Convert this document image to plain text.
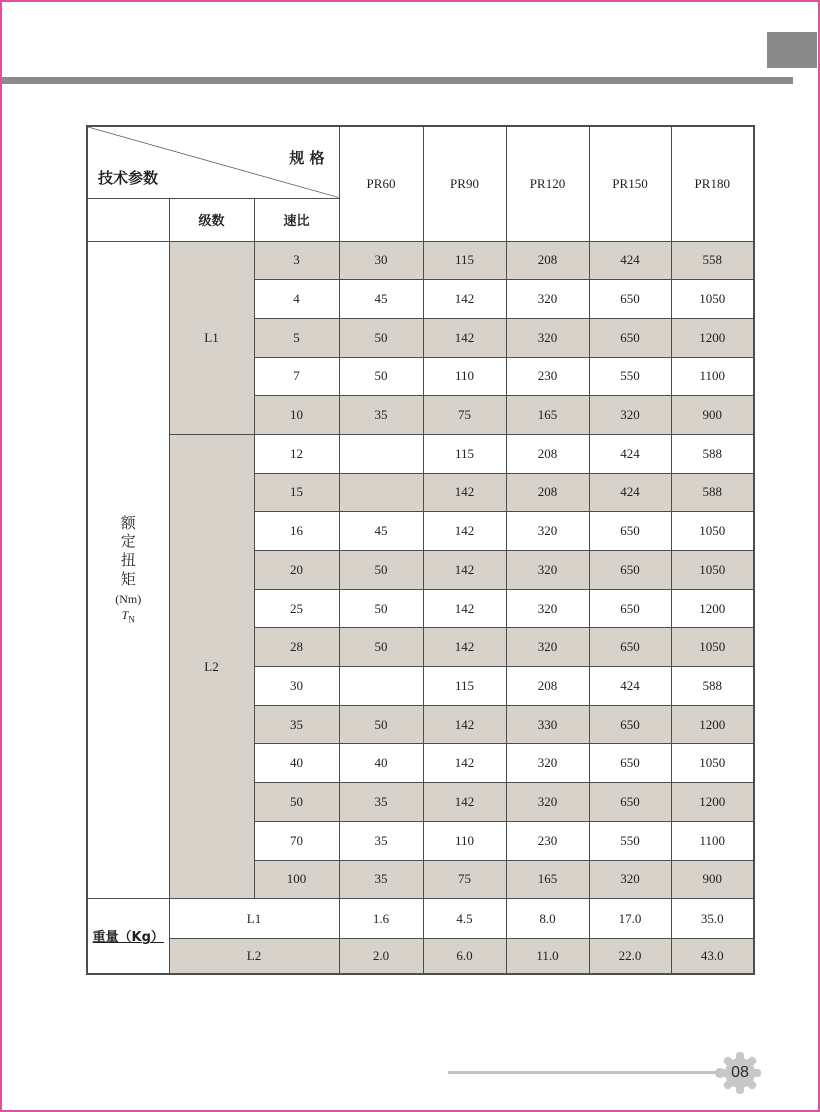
规 格
技术参数			PR60	PR90	PR120	PR150	PR180
	级数	速比					

额
定
扭
矩
(Nm)
$T_N$
	L1	3	30	115	208	424	558
		4	45	142	320	650	1050
		5	50	142	320	650	1200
		7	50	110	230	550	1100
		10	35	75	165	320	900
	L2	12		115	208	424	588
		15		142	208	424	588
		16	45	142	320	650	1050
		20	50	142	320	650	1050
		25	50	142	320	650	1200
		28	50	142	320	650	1050
		30		115	208	424	588
		35	50	142	330	650	1200
		40	40	142	320	650	1050
		50	35	142	320	650	1200
		70	35	110	230	550	1100
		100	35	75	165	320	900
重量（Kg）	L1		1.6	4.5	8.0	17.0	35.0
	L2		2.0	6.0	11.0	22.0	43.0
08
